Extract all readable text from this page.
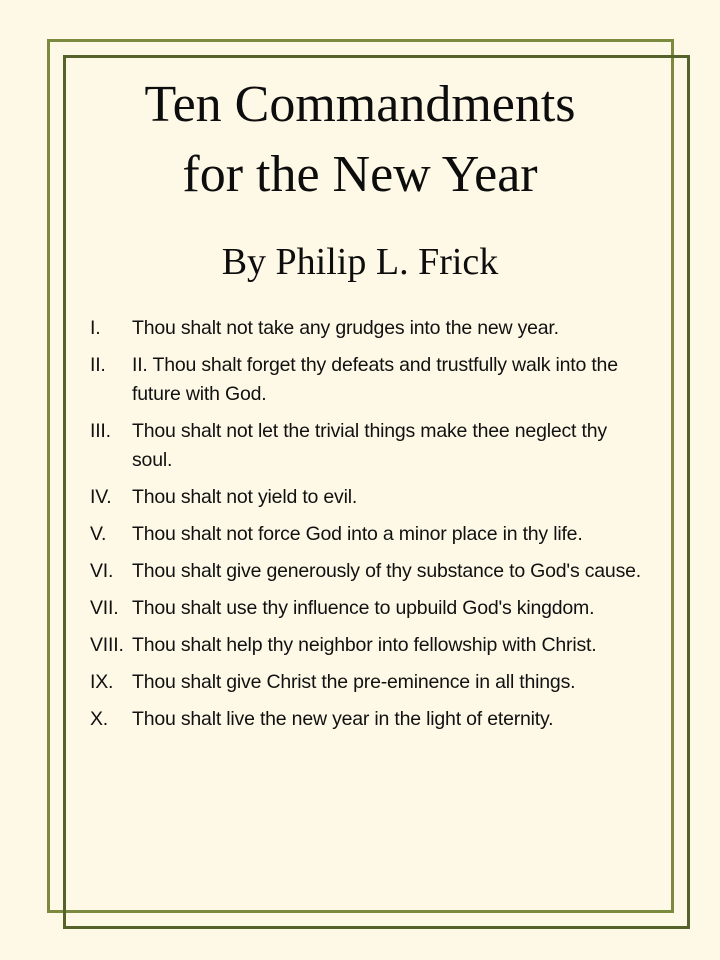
Ten Commandments
for the New Year
By Philip L. Frick
I.	Thou shalt not take any grudges into the new year.
II.	II. Thou shalt forget thy defeats and trustfully walk into the future with God.
III.	Thou shalt not let the trivial things make thee neglect thy soul.
IV.	Thou shalt not yield to evil.
V.	Thou shalt not force God into a minor place in thy life.
VI. Thou shalt give generously of thy substance to God's cause.
VII. Thou shalt use thy influence to upbuild God's kingdom.
VIII. Thou shalt help thy neighbor into fellowship with Christ.
IX. Thou shalt give Christ the pre-eminence in all things.
X.	Thou shalt live the new year in the light of eternity.
